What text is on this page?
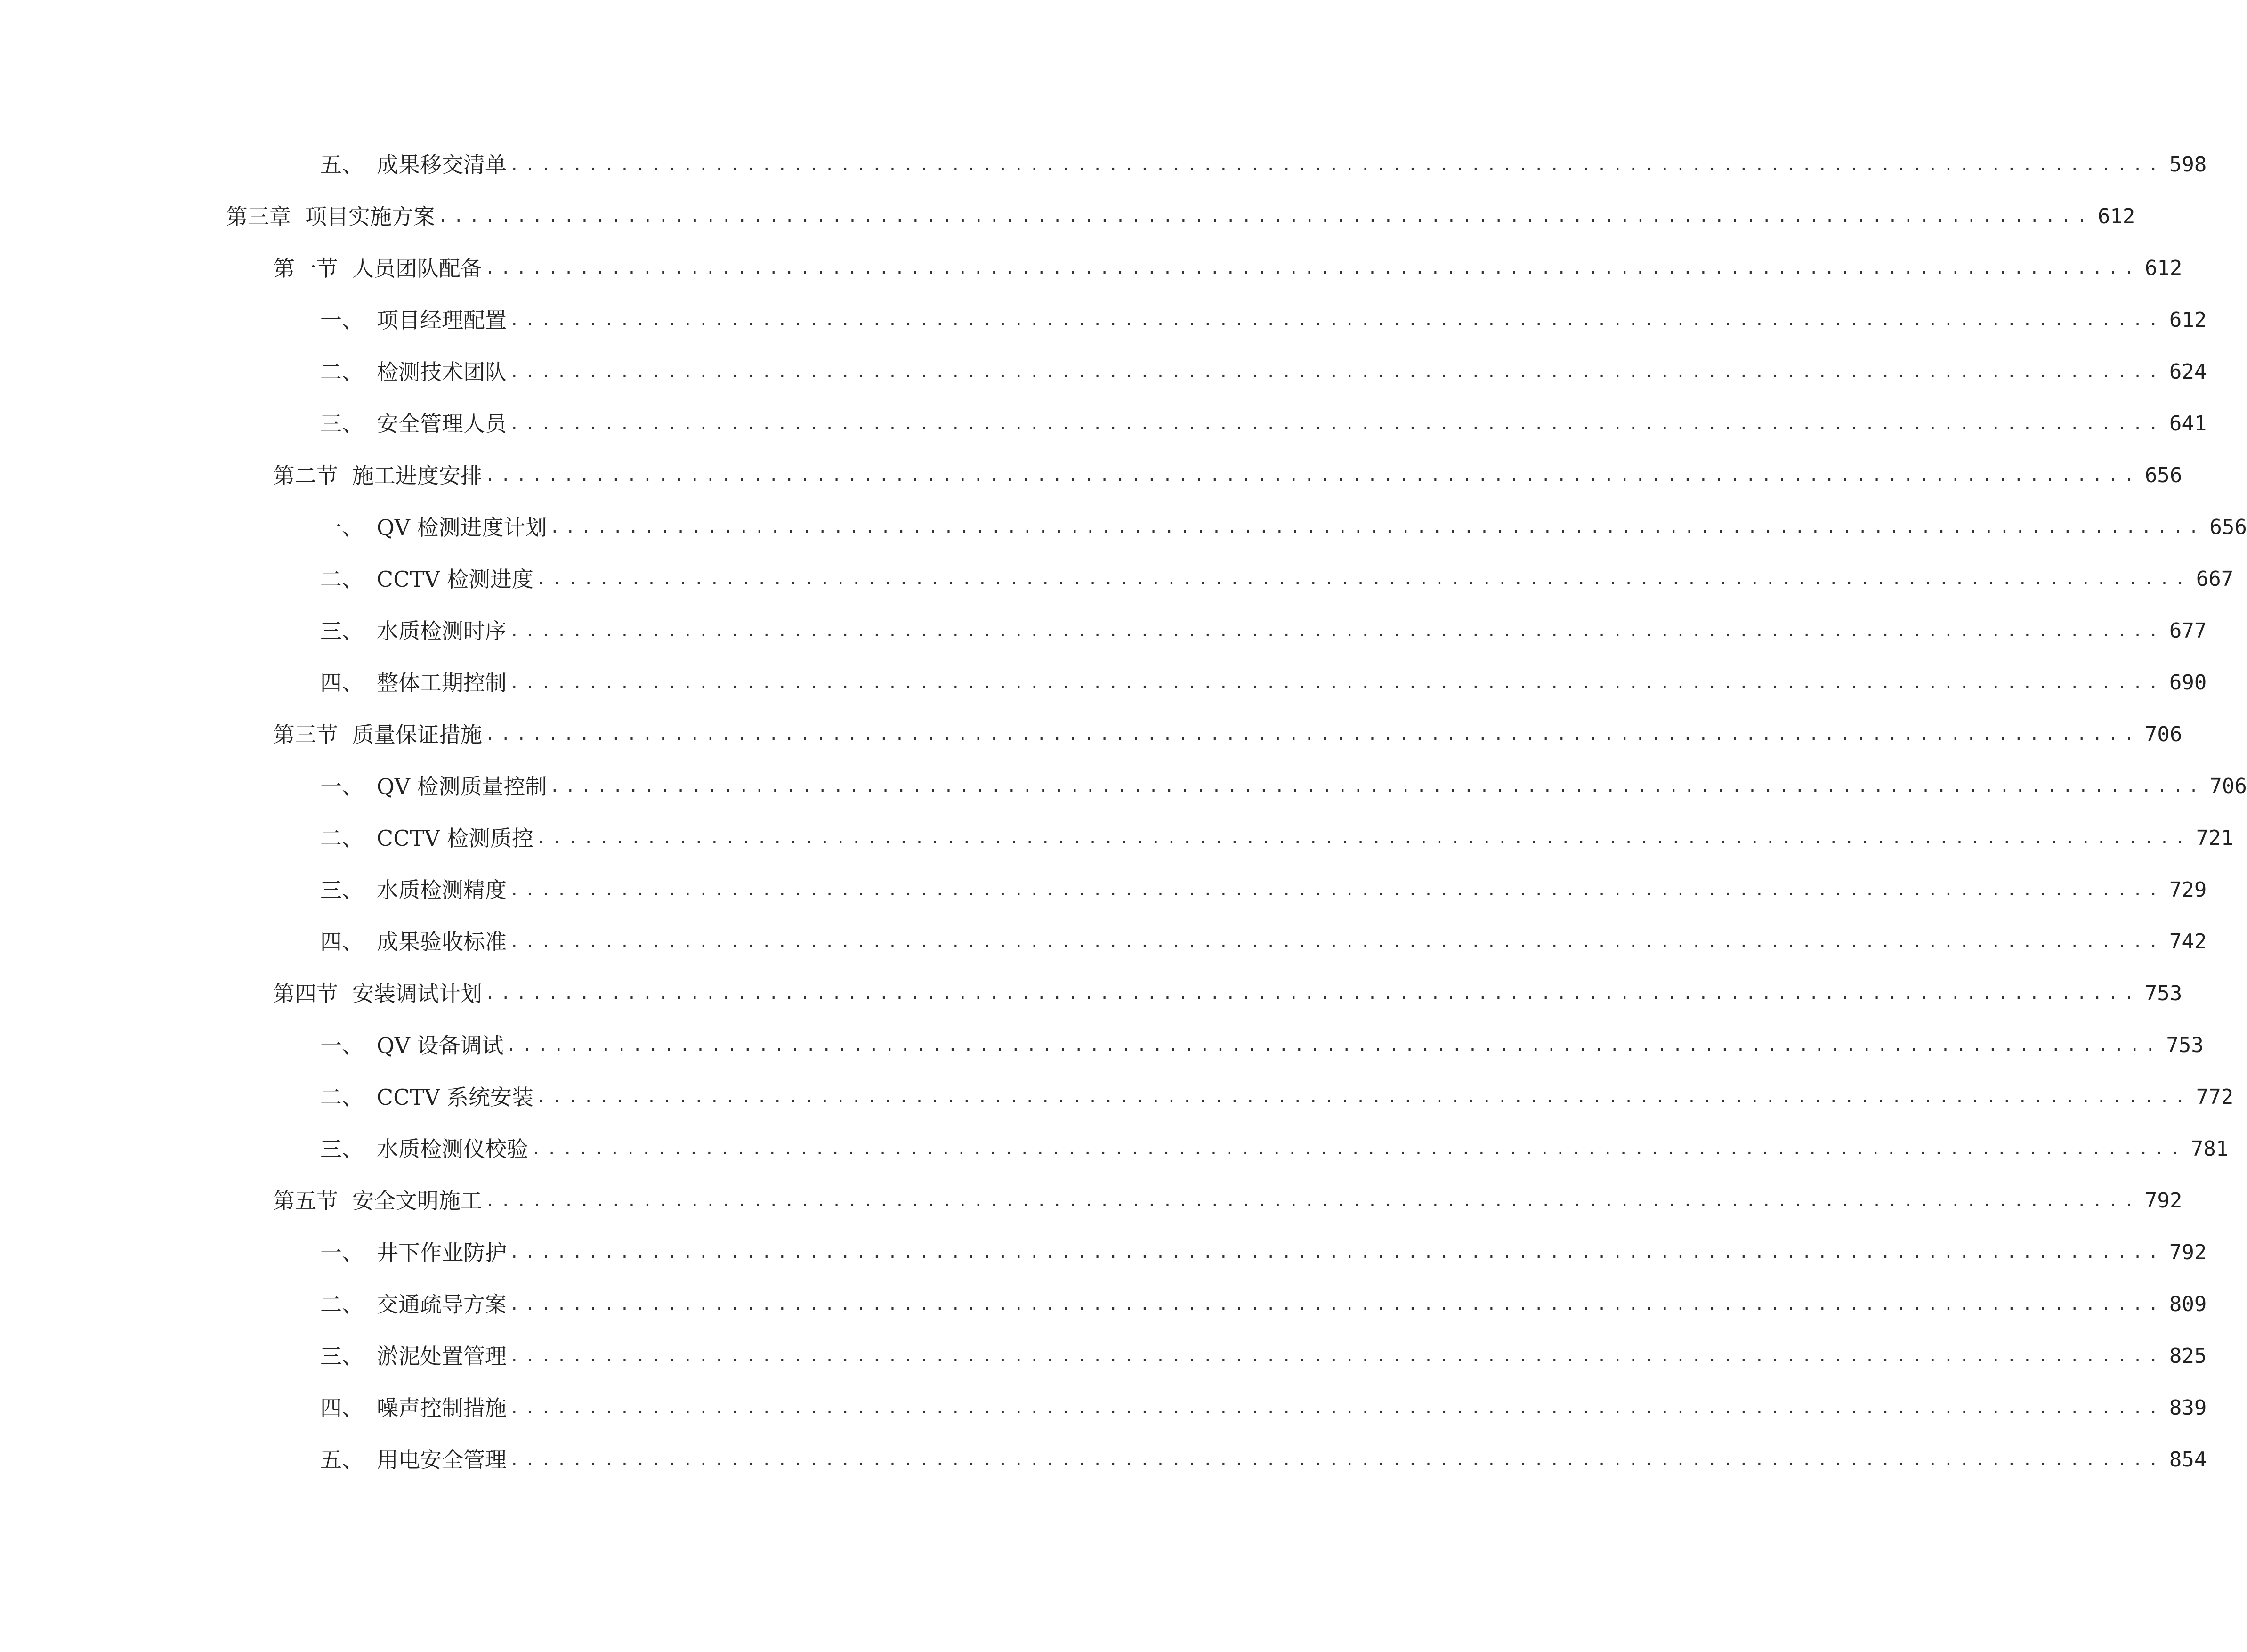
五、 成果移交清单 ......................................................................................................... 598
第三章 项目实施方案 ......................................................................................................... 612
第一节 人员团队配备 ......................................................................................................... 612
一、 项目经理配置 ......................................................................................................... 612
二、 检测技术团队 ......................................................................................................... 624
三、 安全管理人员 ......................................................................................................... 641
第二节 施工进度安排 ......................................................................................................... 656
一、 QV 检测进度计划 ......................................................................................................... 656
二、 CCTV 检测进度 ......................................................................................................... 667
三、 水质检测时序 ......................................................................................................... 677
四、 整体工期控制 ......................................................................................................... 690
第三节 质量保证措施 ......................................................................................................... 706
一、 QV 检测质量控制 ......................................................................................................... 706
二、 CCTV 检测质控 ......................................................................................................... 721
三、 水质检测精度 ......................................................................................................... 729
四、 成果验收标准 ......................................................................................................... 742
第四节 安装调试计划 ......................................................................................................... 753
一、 QV 设备调试 ......................................................................................................... 753
二、 CCTV 系统安装 ......................................................................................................... 772
三、 水质检测仪校验 ......................................................................................................... 781
第五节 安全文明施工 ......................................................................................................... 792
一、 井下作业防护 ......................................................................................................... 792
二、 交通疏导方案 ......................................................................................................... 809
三、 淤泥处置管理 ......................................................................................................... 825
四、 噪声控制措施 ......................................................................................................... 839
五、 用电安全管理 ......................................................................................................... 854
